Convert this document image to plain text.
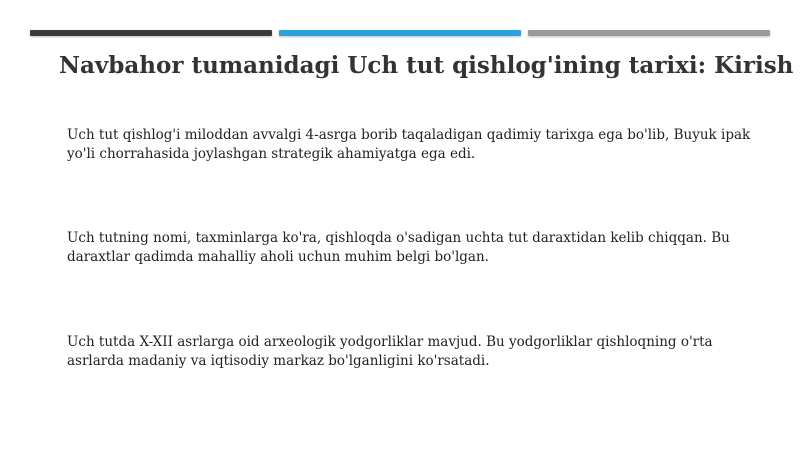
Navbahor tumanidagi Uch tut qishlog'ining tarixi: Kirish

Uch tut qishlog'i miloddan avvalgi 4-asrga borib taqaladigan qadimiy tarixga ega bo'lib, Buyuk ipak yo'li chorrahasida joylashgan strategik ahamiyatga ega edi.

Uch tutning nomi, taxminlarga ko'ra, qishloqda o'sadigan uchta tut daraxtidan kelib chiqqan. Bu daraxtlar qadimda mahalliy aholi uchun muhim belgi bo'lgan.

Uch tutda X-XII asrlarga oid arxeologik yodgorliklar mavjud. Bu yodgorliklar qishloqning o'rta asrlarda madaniy va iqtisodiy markaz bo'lganligini ko'rsatadi.
